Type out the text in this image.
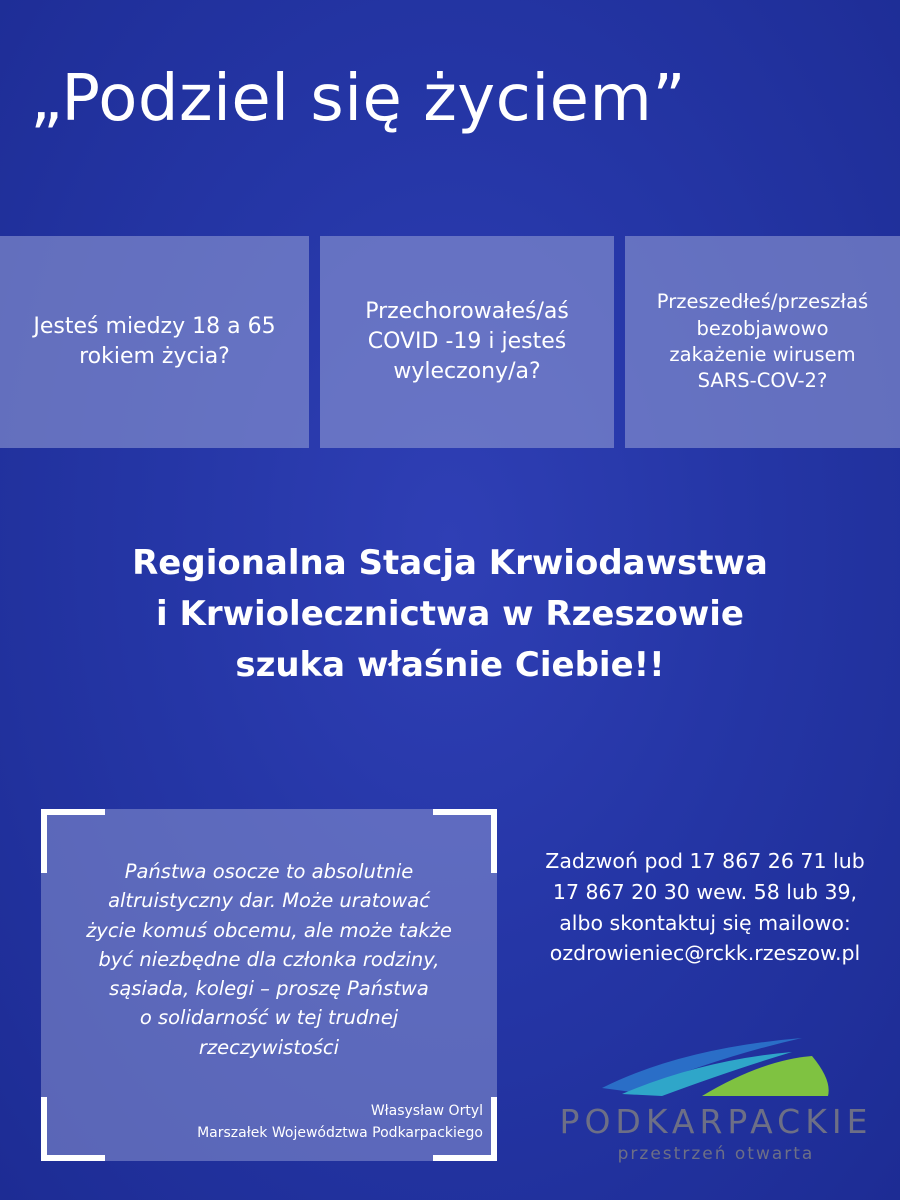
„Podziel się życiem”
Jesteś miedzy 18 a 65
rokiem życia?
Przechorowałeś/aś
COVID -19 i jesteś
wyleczony/a?
Przeszedłeś/przeszłaś
bezobjawowo
zakażenie wirusem
SARS-COV-2?
Regionalna Stacja Krwiodawstwa
i Krwiolecznictwa w Rzeszowie
szuka właśnie Ciebie!!
Państwa osocze to absolutnie
altruistyczny dar. Może uratować
życie komuś obcemu, ale może także
być niezbędne dla członka rodziny,
sąsiada, kolegi – proszę Państwa
o solidarność w tej trudnej
rzeczywistości
Własysław Ortyl
Marszałek Województwa Podkarpackiego
Zadzwoń pod 17 867 26 71 lub
17 867 20 30 wew. 58 lub 39,
albo skontaktuj się mailowo:
ozdrowieniec@rckk.rzeszow.pl
PODKARPACKIE
przestrzeń otwarta
